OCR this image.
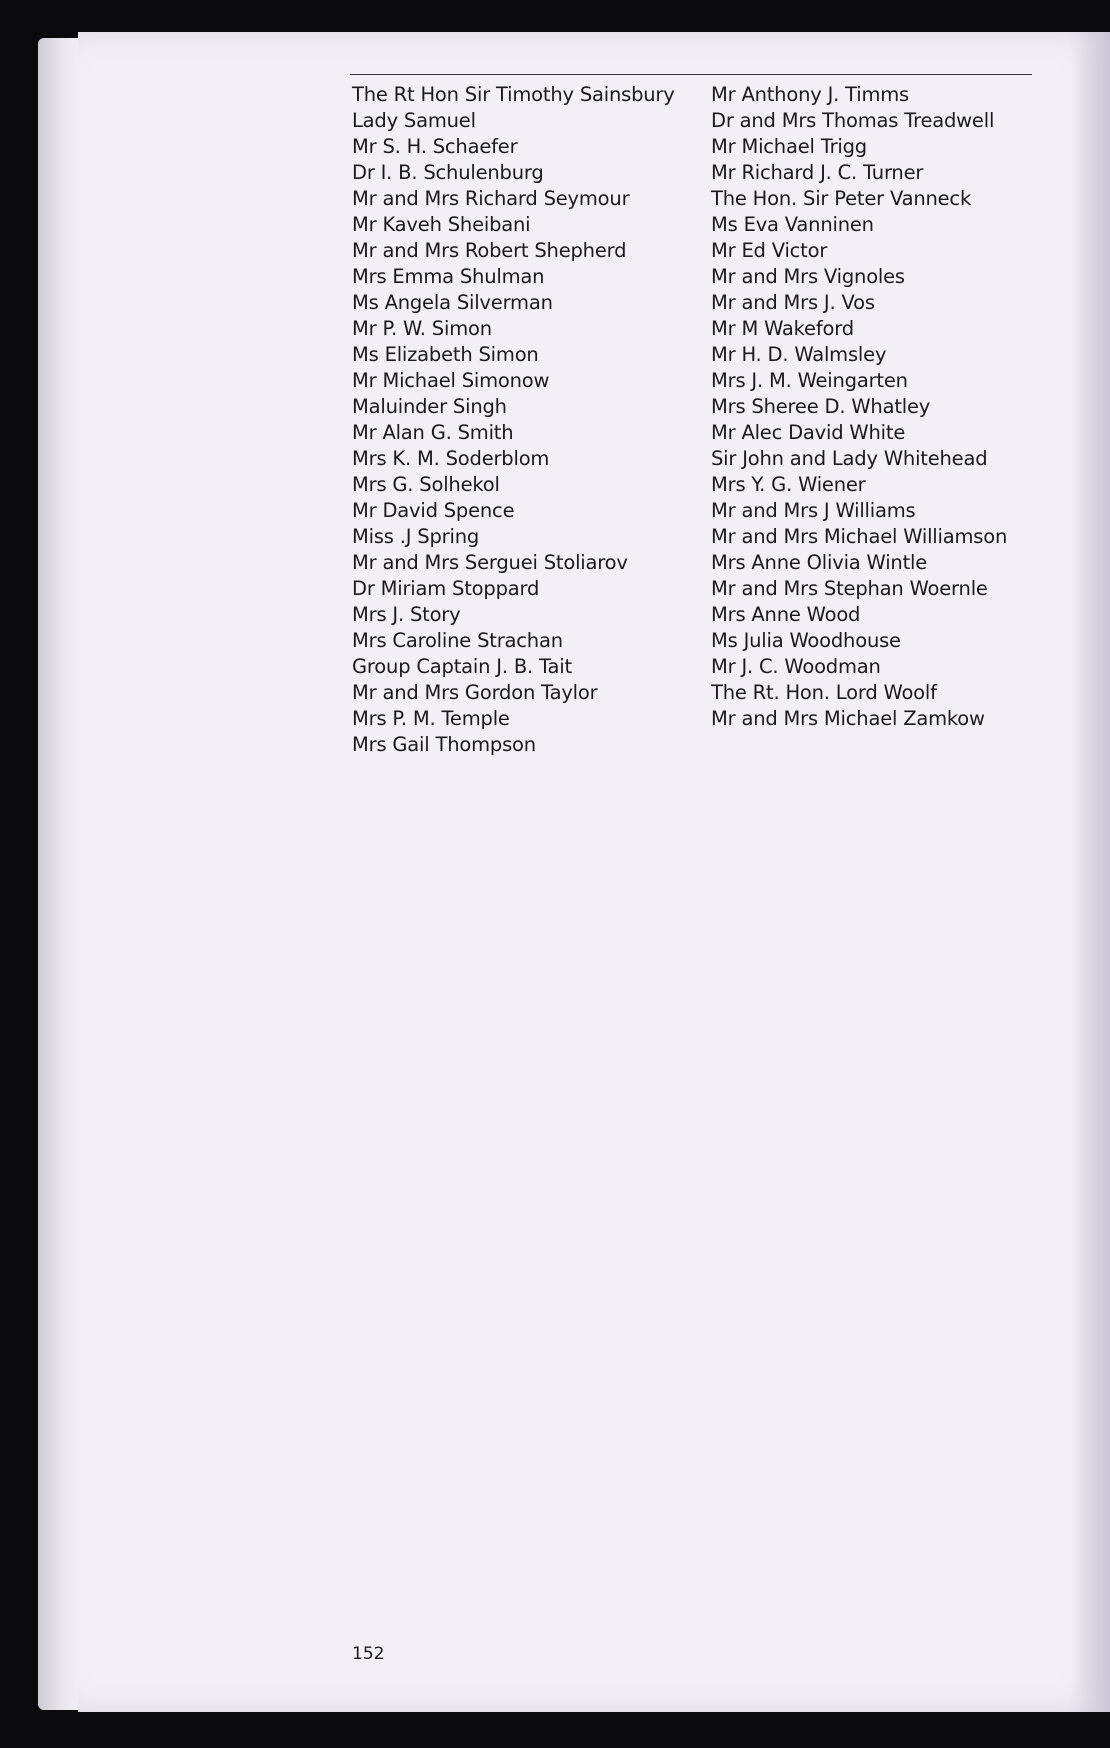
The Rt Hon Sir Timothy Sainsbury
Lady Samuel
Mr S. H. Schaefer
Dr I. B. Schulenburg
Mr and Mrs Richard Seymour
Mr Kaveh Sheibani
Mr and Mrs Robert Shepherd
Mrs Emma Shulman
Ms Angela Silverman
Mr P. W. Simon
Ms Elizabeth Simon
Mr Michael Simonow
Maluinder Singh
Mr Alan G. Smith
Mrs K. M. Soderblom
Mrs G. Solhekol
Mr David Spence
Miss .J Spring
Mr and Mrs Serguei Stoliarov
Dr Miriam Stoppard
Mrs J. Story
Mrs Caroline Strachan
Group Captain J. B. Tait
Mr and Mrs Gordon Taylor
Mrs P. M. Temple
Mrs Gail Thompson
Mr Anthony J. Timms
Dr and Mrs Thomas Treadwell
Mr Michael Trigg
Mr Richard J. C. Turner
The Hon. Sir Peter Vanneck
Ms Eva Vanninen
Mr Ed Victor
Mr and Mrs Vignoles
Mr and Mrs J. Vos
Mr M Wakeford
Mr H. D. Walmsley
Mrs J. M. Weingarten
Mrs Sheree D. Whatley
Mr Alec David White
Sir John and Lady Whitehead
Mrs Y. G. Wiener
Mr and Mrs J Williams
Mr and Mrs Michael Williamson
Mrs Anne Olivia Wintle
Mr and Mrs Stephan Woernle
Mrs Anne Wood
Ms Julia Woodhouse
Mr J. C. Woodman
The Rt. Hon. Lord Woolf
Mr and Mrs Michael Zamkow
152
